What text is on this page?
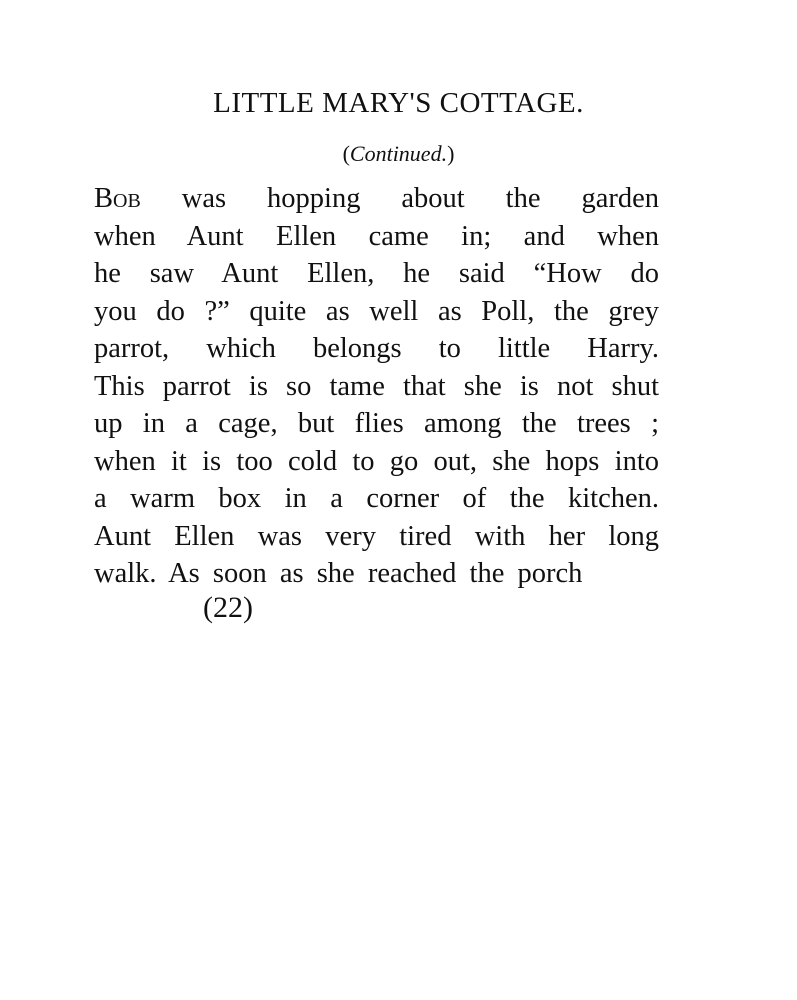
LITTLE MARY'S COTTAGE.
(Continued.)
Bob was hopping about the garden
when Aunt Ellen came in; and when
he saw Aunt Ellen, he said “How do
you do ?” quite as well as Poll, the grey
parrot, which belongs to little Harry.
This parrot is so tame that she is not shut
up in a cage, but flies among the trees ;
when it is too cold to go out, she hops into
a warm box in a corner of the kitchen.
Aunt Ellen was very tired with her long
walk. As soon as she reached the porch
(22)
